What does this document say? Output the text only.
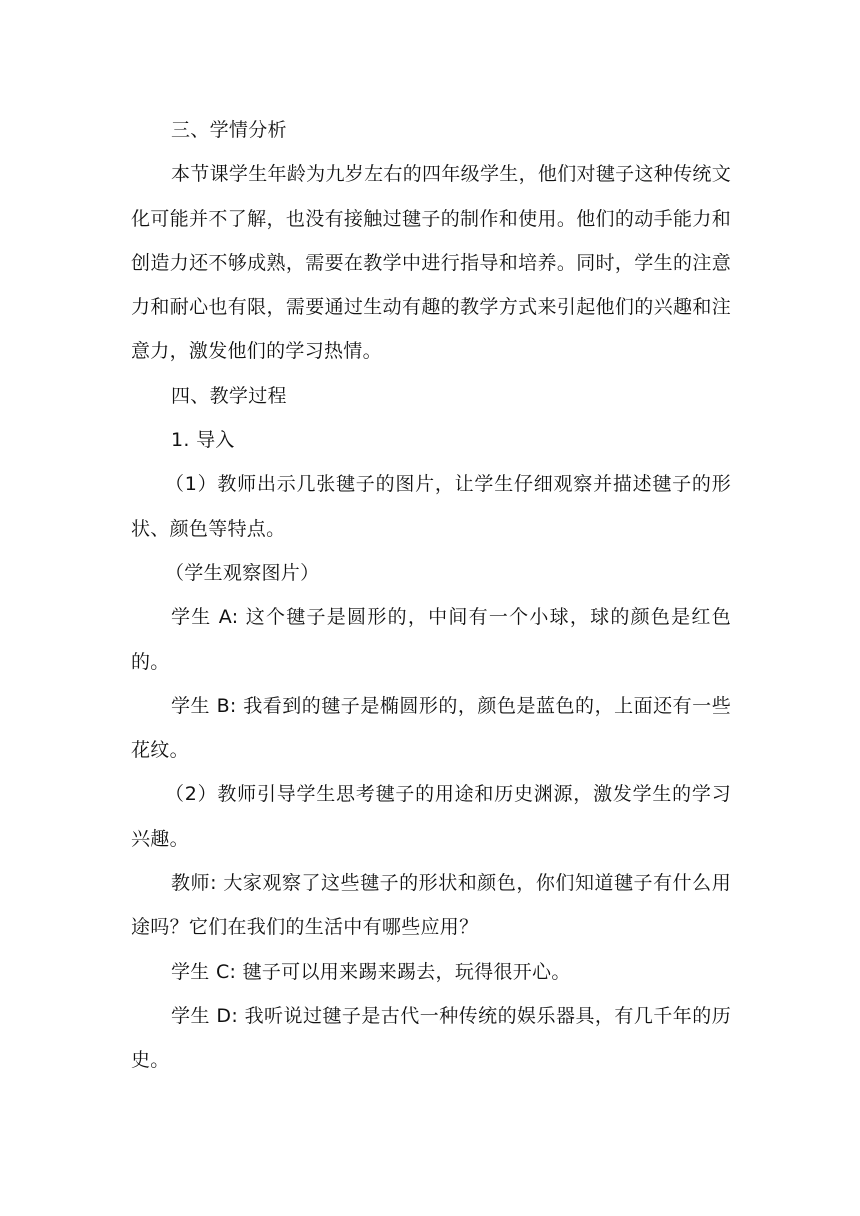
三、学情分析

本节课学生年龄为九岁左右的四年级学生，他们对毽子这种传统文化可能并不了解，也没有接触过毽子的制作和使用。他们的动手能力和创造力还不够成熟，需要在教学中进行指导和培养。同时，学生的注意力和耐心也有限，需要通过生动有趣的教学方式来引起他们的兴趣和注意力，激发他们的学习热情。

四、教学过程

1. 导入

（1）教师出示几张毽子的图片，让学生仔细观察并描述毽子的形状、颜色等特点。

（学生观察图片）

学生 A: 这个毽子是圆形的，中间有一个小球，球的颜色是红色的。

学生 B: 我看到的毽子是椭圆形的，颜色是蓝色的，上面还有一些花纹。

（2）教师引导学生思考毽子的用途和历史渊源，激发学生的学习兴趣。

教师: 大家观察了这些毽子的形状和颜色，你们知道毽子有什么用途吗？它们在我们的生活中有哪些应用？

学生 C: 毽子可以用来踢来踢去，玩得很开心。

学生 D: 我听说过毽子是古代一种传统的娱乐器具，有几千年的历史。
